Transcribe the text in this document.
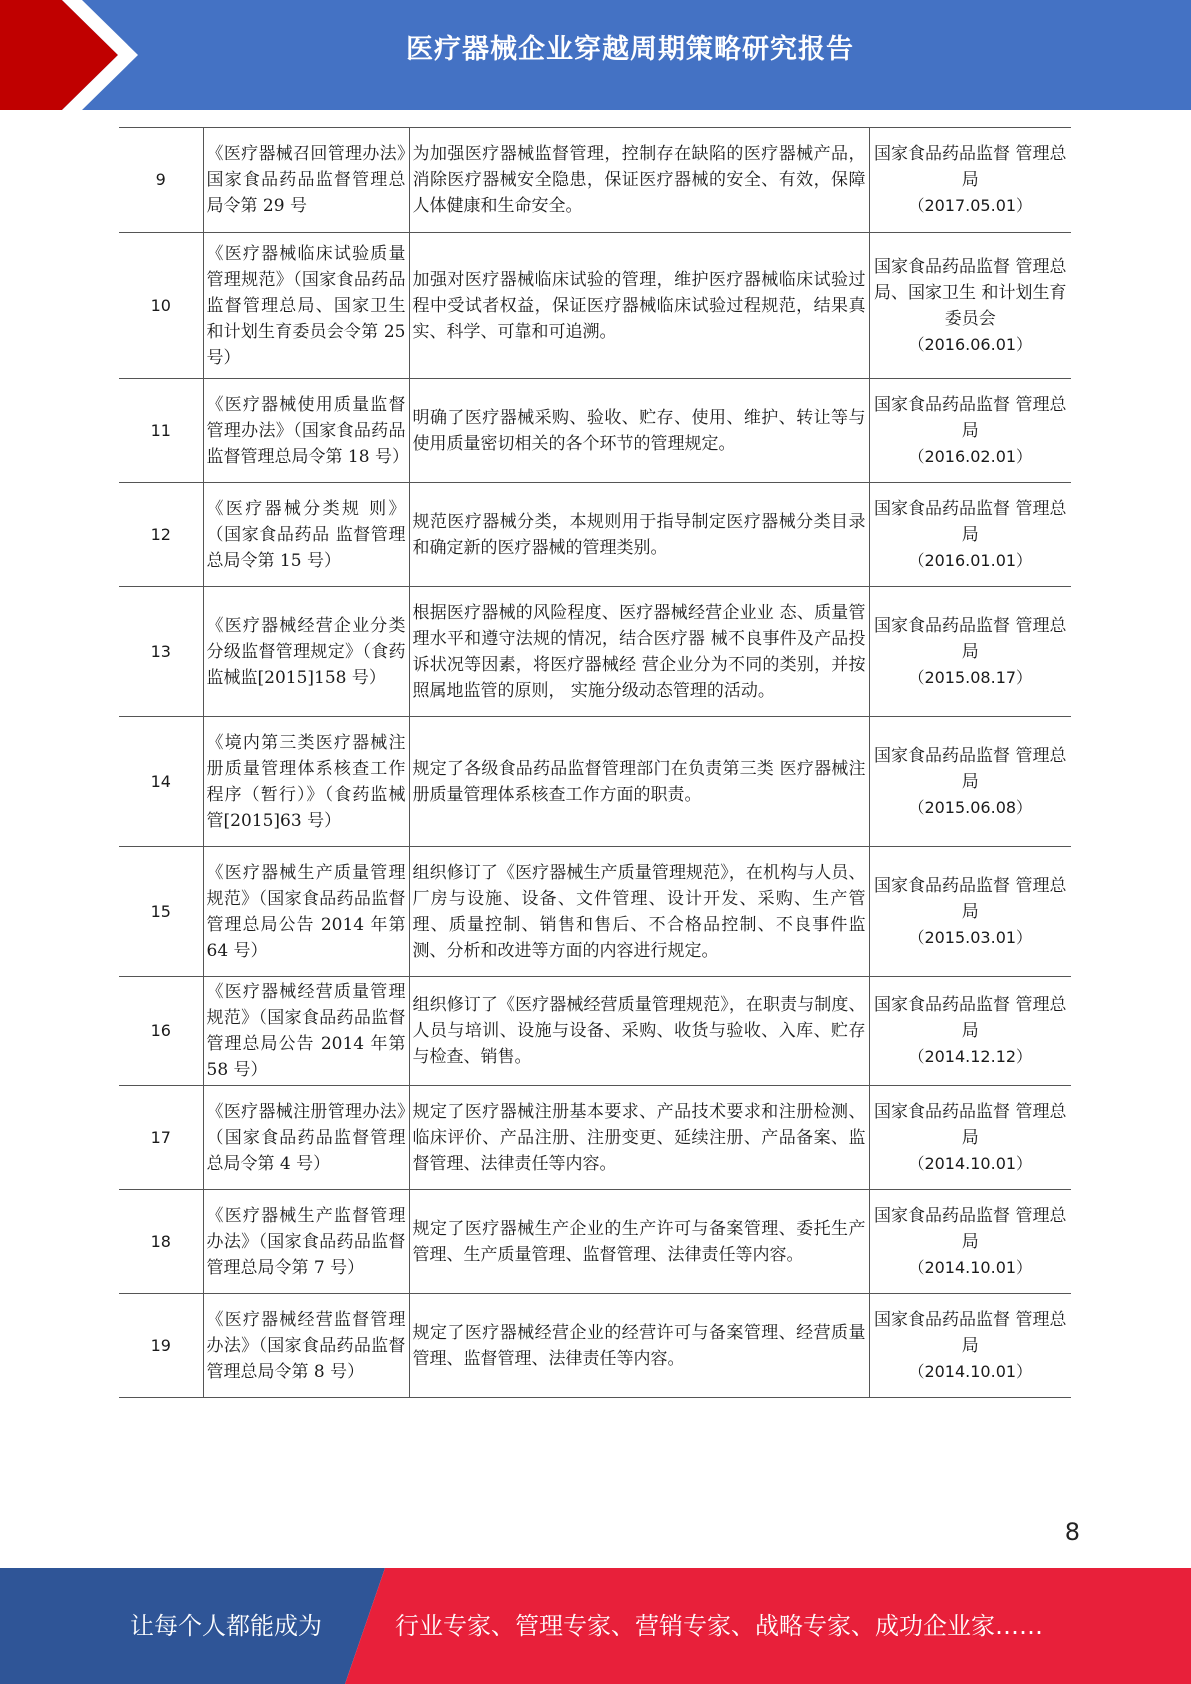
医疗器械企业穿越周期策略研究报告
9	《医疗器械召回管理办法》国家食品药品监督管理总局令第 29 号	为加强医疗器械监督管理，控制存在缺陷的医疗器械产品，消除医疗器械安全隐患，保证医疗器械的安全、有效，保障人体健康和生命安全。	国家食品药品监督 管理总局
（2017.05.01）

10	《医疗器械临床试验质量管理规范》（国家食品药品监督管理总局、国家卫生和计划生育委员会令第 25 号）	加强对医疗器械临床试验的管理，维护医疗器械临床试验过程中受试者权益，保证医疗器械临床试验过程规范，结果真实、科学、可靠和可追溯。	国家食品药品监督 管理总局、国家卫生 和计划生育委员会
（2016.06.01）

11	《医疗器械使用质量监督管理办法》（国家食品药品监督管理总局令第 18 号）	明确了医疗器械采购、验收、贮存、使用、维护、转让等与使用质量密切相关的各个环节的管理规定。	国家食品药品监督 管理总局
（2016.02.01）

12	《医疗器械分类规 则》（国家食品药品 监督管理总局令第 15 号）	规范医疗器械分类，本规则用于指导制定医疗器械分类目录和确定新的医疗器械的管理类别。	国家食品药品监督 管理总局
（2016.01.01）

13	《医疗器械经营企业分类分级监督管理规定》（食药监械监[2015]158 号）	根据医疗器械的风险程度、医疗器械经营企业业 态、质量管理水平和遵守法规的情况，结合医疗器 械不良事件及产品投诉状况等因素，将医疗器械经 营企业分为不同的类别，并按照属地监管的原则， 实施分级动态管理的活动。	国家食品药品监督 管理总局
（2015.08.17）

14	《境内第三类医疗器械注册质量管理体系核查工作程序（暂行）》（食药监械管[2015]63 号）	规定了各级食品药品监督管理部门在负责第三类 医疗器械注册质量管理体系核查工作方面的职责。	国家食品药品监督 管理总局
（2015.06.08）

15	《医疗器械生产质量管理规范》（国家食品药品监督管理总局公告 2014 年第 64 号）	组织修订了《医疗器械生产质量管理规范》，在机构与人员、厂房与设施、设备、文件管理、设计开发、采购、生产管理、质量控制、销售和售后、不合格品控制、不良事件监测、分析和改进等方面的内容进行规定。	国家食品药品监督 管理总局
（2015.03.01）

16	《医疗器械经营质量管理规范》（国家食品药品监督管理总局公告 2014 年第 58 号）	组织修订了《医疗器械经营质量管理规范》，在职责与制度、人员与培训、设施与设备、采购、收货与验收、入库、贮存与检查、销售。	国家食品药品监督 管理总局
（2014.12.12）

17	《医疗器械注册管理办法》（国家食品药品监督管理总局令第 4 号）	规定了医疗器械注册基本要求、产品技术要求和注册检测、临床评价、产品注册、注册变更、延续注册、产品备案、监督管理、法律责任等内容。	国家食品药品监督 管理总局
（2014.10.01）

18	《医疗器械生产监督管理办法》（国家食品药品监督管理总局令第 7 号）	规定了医疗器械生产企业的生产许可与备案管理、委托生产管理、生产质量管理、监督管理、法律责任等内容。	国家食品药品监督 管理总局
（2014.10.01）

19	《医疗器械经营监督管理办法》（国家食品药品监督管理总局令第 8 号）	规定了医疗器械经营企业的经营许可与备案管理、经营质量管理、监督管理、法律责任等内容。	国家食品药品监督 管理总局
（2014.10.01）
8
让每个人都能成为	行业专家、管理专家、营销专家、战略专家、成功企业家……
